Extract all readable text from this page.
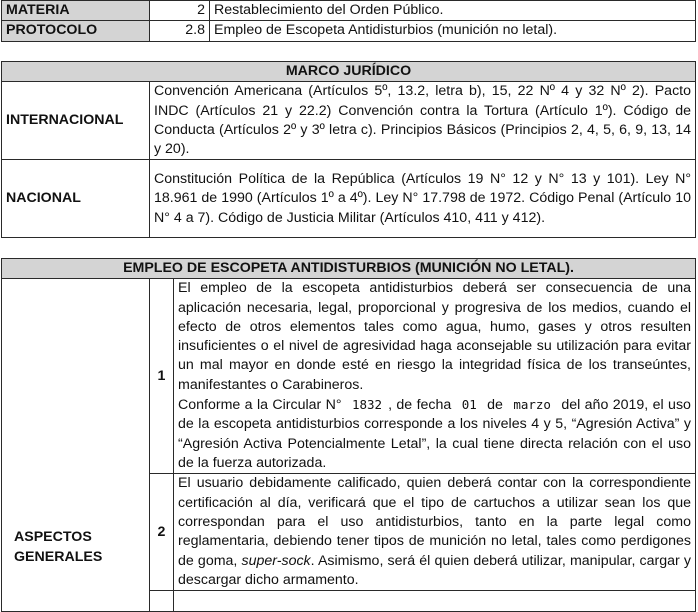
MATERIA	2	Restablecimiento del Orden Público.
PROTOCOLO	2.8	Empleo de Escopeta Antidisturbios (munición no letal).
MARCO JURÍDICO	
INTERNACIONAL	Convención Americana (Artículos 5º, 13.2, letra b), 15, 22 Nº 4 y 32 Nº 2). Pacto INDC (Artículos 21 y 22.2) Convención contra la Tortura (Artículo 1º). Código de Conducta (Artículos 2º y 3º letra c). Principios Básicos (Principios 2, 4, 5, 6, 9, 13, 14 y 20).
NACIONAL	Constitución Política de la República (Artículos 19 N° 12 y N° 13 y 101). Ley N° 18.961 de 1990 (Artículos 1º a 4º). Ley N° 17.798 de 1972. Código Penal (Artículo 10 N° 4 a 7). Código de Justicia Militar (Artículos 410, 411 y 412).
EMPLEO DE ESCOPETA ANTIDISTURBIOS (MUNICIÓN NO LETAL).		
ASPECTOS GENERALES	1	El empleo de la escopeta antidisturbios deberá ser consecuencia de una aplicación necesaria, legal, proporcional y progresiva de los medios, cuando el efecto de otros elementos tales como agua, humo, gases y otros resulten insuficientes o el nivel de agresividad haga aconsejable su utilización para evitar un mal mayor en donde esté en riesgo la integridad física de los transeúntes, manifestantes o Carabineros.
Conforme a la Circular N° 1832 , de fecha 01 de marzo del año 2019, el uso de la escopeta antidisturbios corresponde a los niveles 4 y 5, “Agresión Activa” y “Agresión Activa Potencialmente Letal”, la cual tiene directa relación con el uso de la fuerza autorizada.

	2	El usuario debidamente calificado, quien deberá contar con la correspondiente certificación al día, verificará que el tipo de cartuchos a utilizar sean los que correspondan para el uso antidisturbios, tanto en la parte legal como reglamentaria, debiendo tener tipos de munición no letal, tales como perdigones de goma, super-sock. Asimismo, será él quien deberá utilizar, manipular, cargar y descargar dicho armamento.
